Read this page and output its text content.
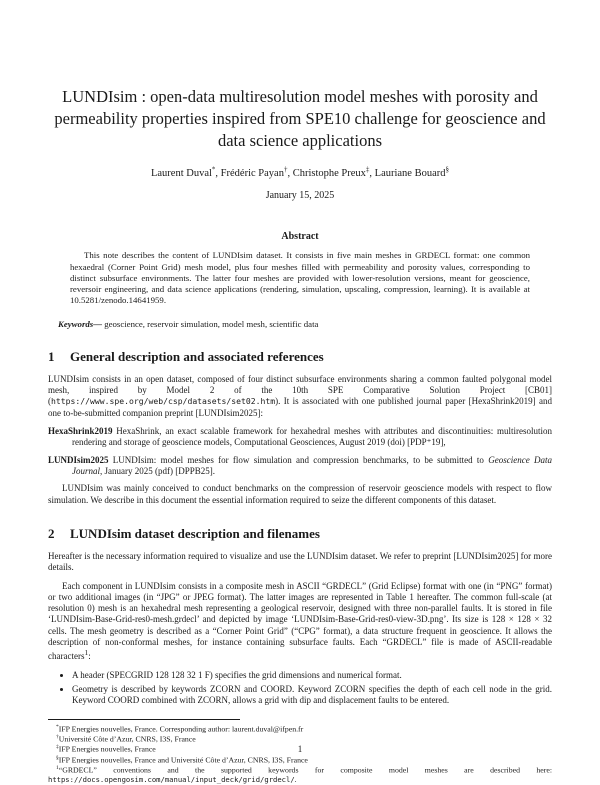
LUNDIsim : open-data multiresolution model meshes with porosity and permeability properties inspired from SPE10 challenge for geoscience and data science applications
Laurent Duval*, Frédéric Payan†, Christophe Preux‡, Lauriane Bouard§
January 15, 2025
Abstract

This note describes the content of LUNDIsim dataset. It consists in five main meshes in GRDECL format: one common hexaedral (Corner Point Grid) mesh model, plus four meshes filled with permeability and porosity values, corresponding to distinct subsurface environments. The latter four meshes are provided with lower-resolution versions, meant for geoscience, reversoir engineering, and data science applications (rendering, simulation, upscaling, compression, learning). It is available at 10.5281/zenodo.14641959.

Keywords— geoscience, reservoir simulation, model mesh, scientific data

1 General description and associated references

LUNDIsim consists in an open dataset, composed of four distinct subsurface environments sharing a common faulted polygonal model mesh, inspired by Model 2 of the 10th SPE Comparative Solution Project [CB01] (https://www.spe.org/web/csp/datasets/set02.htm). It is associated with one published journal paper [HexaShrink2019] and one to-be-submitted companion preprint [LUNDIsim2025]:

HexaShrink2019 HexaShrink, an exact scalable framework for hexahedral meshes with attributes and discontinuities: multiresolution rendering and storage of geoscience models, Computational Geosciences, August 2019 (doi) [PDP⁺19],
LUNDIsim2025 LUNDIsim: model meshes for flow simulation and compression benchmarks, to be submitted to Geoscience Data Journal, January 2025 (pdf) [DPPB25].

LUNDIsim was mainly conceived to conduct benchmarks on the compression of reservoir geoscience models with respect to flow simulation. We describe in this document the essential information required to seize the different components of this dataset.

2 LUNDIsim dataset description and filenames

Hereafter is the necessary information required to visualize and use the LUNDIsim dataset. We refer to preprint [LUNDIsim2025] for more details.

Each component in LUNDIsim consists in a composite mesh in ASCII “GRDECL” (Grid Eclipse) format with one (in “PNG” format) or two additional images (in “JPG” or JPEG format). The latter images are represented in Table 1 hereafter. The common full-scale (at resolution 0) mesh is an hexahedral mesh representing a geological reservoir, designed with three non-parallel faults. It is stored in file ‘LUNDIsim-Base-Grid-res0-mesh.grdecl’ and depicted by image ‘LUNDIsim-Base-Grid-res0-view-3D.png’. Its size is 128 × 128 × 32 cells. The mesh geometry is described as a “Corner Point Grid” (“CPG” format), a data structure frequent in geoscience. It allows the description of non-conformal meshes, for instance containing subsurface faults. Each “GRDECL” file is made of ASCII-readable characters$^1$:

• A header (SPECGRID 128 128 32 1 F) specifies the grid dimensions and numerical format.
• Geometry is described by keywords ZCORN and COORD. Keyword ZCORN specifies the depth of each cell node in the grid. Keyword COORD combined with ZCORN, allows a grid with dip and displacement faults to be entered.

*IFP Energies nouvelles, France. Corresponding author: laurent.duval@ifpen.fr

†Université Côte d’Azur, CNRS, I3S, France

‡IFP Energies nouvelles, France

§IFP Energies nouvelles, France and Université Côte d’Azur, CNRS, I3S, France

$^1$“GRDECL” conventions and the supported keywords for composite model meshes are described here: https://docs.opengosim.com/manual/input_deck/grid/grdecl/.

1
